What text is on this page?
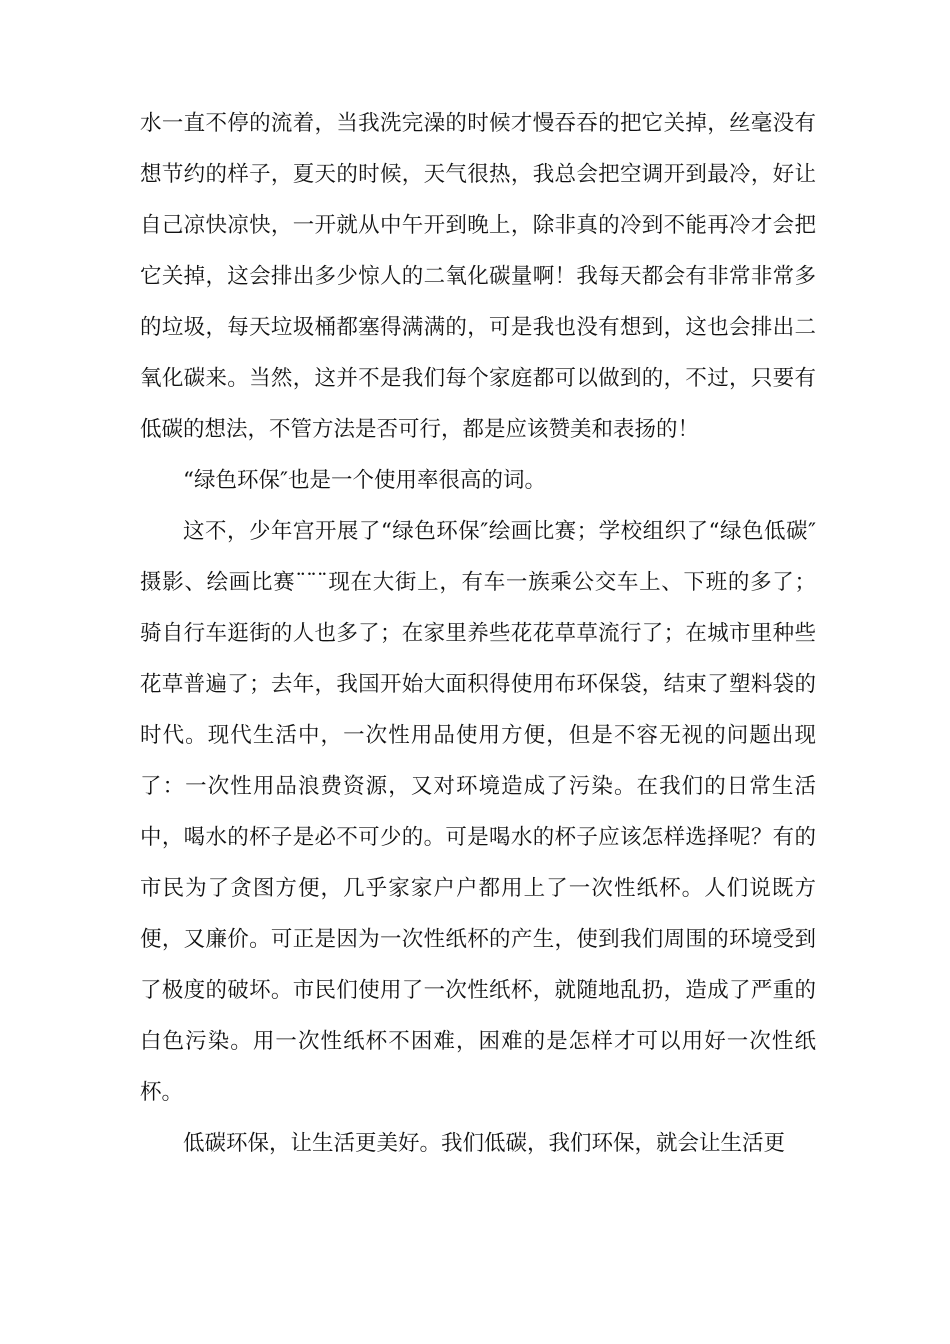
水一直不停的流着，当我洗完澡的时候才慢吞吞的把它关掉，丝毫没有想节约的样子，夏天的时候，天气很热，我总会把空调开到最冷，好让自己凉快凉快，一开就从中午开到晚上，除非真的冷到不能再冷才会把它关掉，这会排出多少惊人的二氧化碳量啊！我每天都会有非常非常多的垃圾，每天垃圾桶都塞得满满的，可是我也没有想到，这也会排出二氧化碳来。当然，这并不是我们每个家庭都可以做到的，不过，只要有低碳的想法，不管方法是否可行，都是应该赞美和表扬的！

“绿色环保″也是一个使用率很高的词。

这不，少年宫开展了“绿色环保″绘画比赛；学校组织了“绿色低碳″摄影、绘画比赛¨¨¨现在大街上，有车一族乘公交车上、下班的多了；骑自行车逛街的人也多了；在家里养些花花草草流行了；在城市里种些花草普遍了；去年，我国开始大面积得使用布环保袋，结束了塑料袋的时代。现代生活中，一次性用品使用方便，但是不容无视的问题出现了：一次性用品浪费资源，又对环境造成了污染。在我们的日常生活中，喝水的杯子是必不可少的。可是喝水的杯子应该怎样选择呢？有的市民为了贪图方便，几乎家家户户都用上了一次性纸杯。人们说既方便，又廉价。可正是因为一次性纸杯的产生，使到我们周围的环境受到了极度的破坏。市民们使用了一次性纸杯，就随地乱扔，造成了严重的白色污染。用一次性纸杯不困难，困难的是怎样才可以用好一次性纸杯。

低碳环保，让生活更美好。我们低碳，我们环保，就会让生活更
